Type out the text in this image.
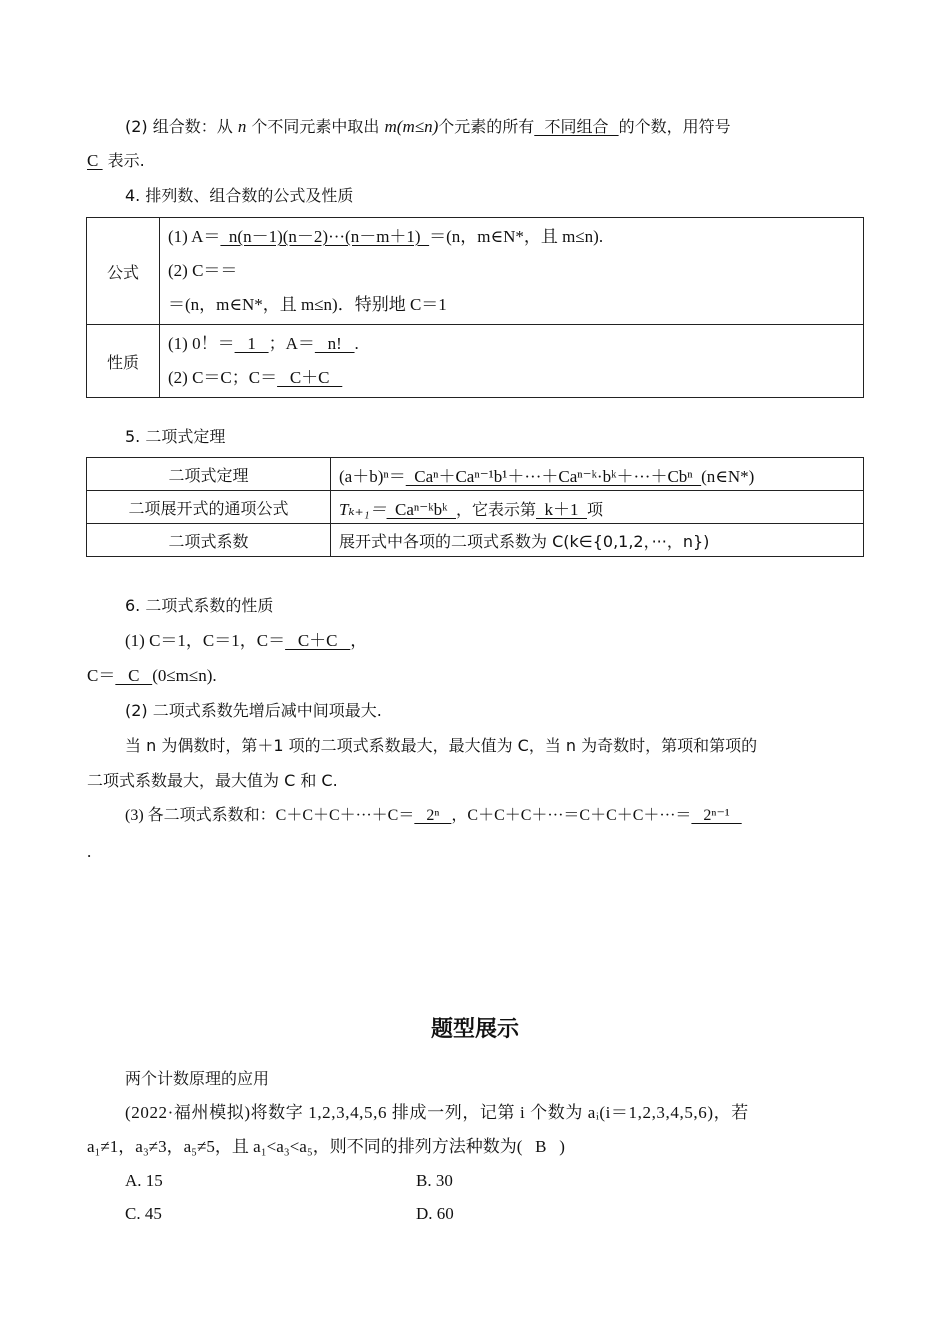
(2) 组合数：从 n 个不同元素中取出 m(m≤n)个元素的所有  不同组合  的个数，用符号
C  表示.
4. 排列数、组合数的公式及性质
公式	(1) A＝  n(n－1)(n－2)···(n－m＋1)  ＝(n，m∈N*，且 m≤n).
(2) C＝＝
＝(n，m∈N*，且 m≤n)．特别地 C＝1

性质	(1) 0！＝   1   ；A＝   n!   .
(2) C＝C；C＝   C＋C
5. 二项式定理
二项式定理	(a＋b)ⁿ＝  Caⁿ＋Caⁿ⁻¹b¹＋···＋Caⁿ⁻ᵏ·bᵏ＋···＋Cbⁿ  (n∈N*)
二项展开式的通项公式	Tₖ₊₁＝  Caⁿ⁻ᵏbᵏ  ，它表示第  k＋1  项
二项式系数	展开式中各项的二项式系数为 C(k∈{0,1,2，···，n})
6. 二项式系数的性质
(1) C＝1，C＝1，C＝   C＋C   ，
C＝   C   (0≤m≤n).
(2) 二项式系数先增后减中间项最大.
当 n 为偶数时，第＋1 项的二项式系数最大，最大值为 C，当 n 为奇数时，第项和第项的
二项式系数最大，最大值为 C 和 C.
(3) 各二项式系数和：C＋C＋C＋···＋C＝   2ⁿ   ，C＋C＋C＋···＝C＋C＋C＋···＝   2ⁿ⁻¹
.
题型展示
两个计数原理的应用
(2022·福州模拟)将数字 1,2,3,4,5,6 排成一列，记第 i 个数为 aᵢ(i＝1,2,3,4,5,6)，若
a₁≠1，a₃≠3，a₅≠5，且 a₁<a₃<a₅，则不同的排列方法种数为(   B   )
A. 15	B. 30
C. 45	D. 60
